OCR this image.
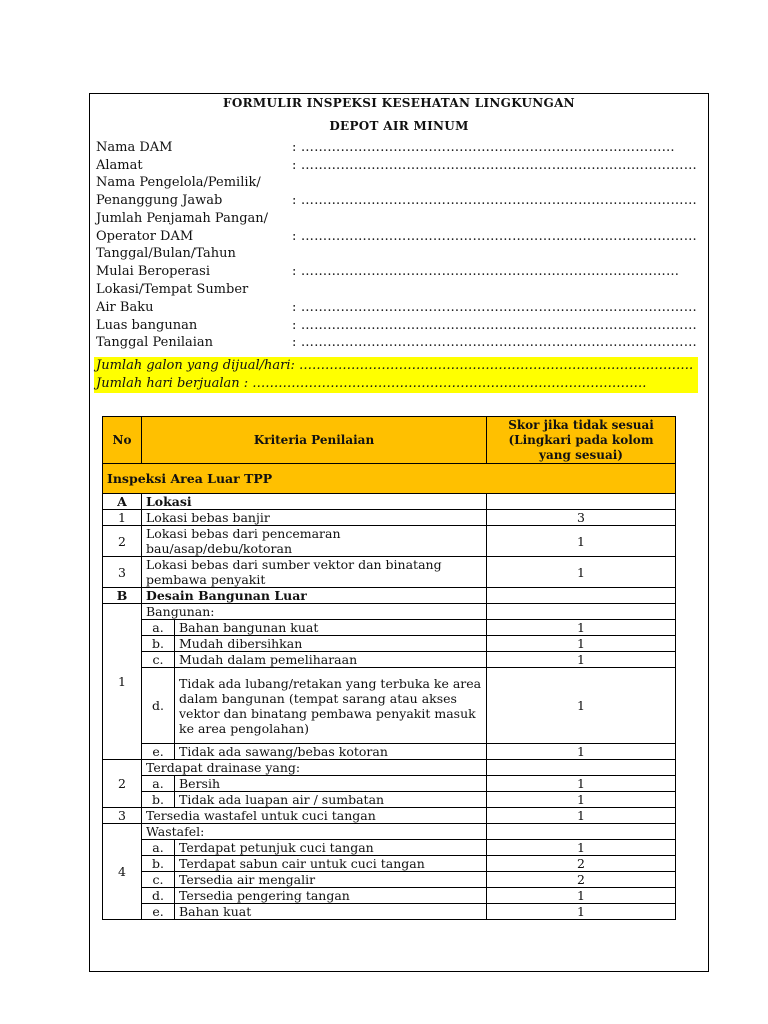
FORMULIR INSPEKSI KESEHATAN LINGKUNGAN
DEPOT AIR MINUM
Nama DAM	: ……………………………….…………………………………………
Alamat	: ………………………………………………………………………………
Nama Pengelola/Pemilik/
Penanggung Jawab	: ………………………………………………………………………………
Jumlah Penjamah Pangan/
Operator DAM	: ………………………………………………………………………………
Tanggal/Bulan/Tahun
Mulai Beroperasi	: …………….……….……………………………………………………
Lokasi/Tempat Sumber
Air Baku	: ………………………………………………………………………………
Luas bangunan	: ………………………………………………………………………………
Tanggal Penilaian	: ………………………………………………………………………………
Jumlah galon yang dijual/hari: ……………………………………………………………………………….
Jumlah hari berjualan : ……………………………………………………………………………….
No	Kriteria Penilaian		Skor jika tidak sesuai (Lingkari pada kolom yang sesuai)
Inspeksi Area Luar TPP			
A	Lokasi		
1	Lokasi bebas banjir		3
2	Lokasi bebas dari pencemaran bau/asap/debu/kotoran		1
3	Lokasi bebas dari sumber vektor dan binatang pembawa penyakit		1
B	Desain Bangunan Luar		
1	Bangunan:		
	a.	Bahan bangunan kuat	1
	b.	Mudah dibersihkan	1
	c.	Mudah dalam pemeliharaan	1
	d.	Tidak ada lubang/retakan yang terbuka ke area dalam bangunan (tempat sarang atau akses vektor dan binatang pembawa penyakit masuk ke area pengolahan)	1
	e.	Tidak ada sawang/bebas kotoran	1
2	Terdapat drainase yang:		
	a.	Bersih	1
	b.	Tidak ada luapan air / sumbatan	1
3	Tersedia wastafel untuk cuci tangan		1
4	Wastafel:		
	a.	Terdapat petunjuk cuci tangan	1
	b.	Terdapat sabun cair untuk cuci tangan	2
	c.	Tersedia air mengalir	2
	d.	Tersedia pengering tangan	1
	e.	Bahan kuat	1
